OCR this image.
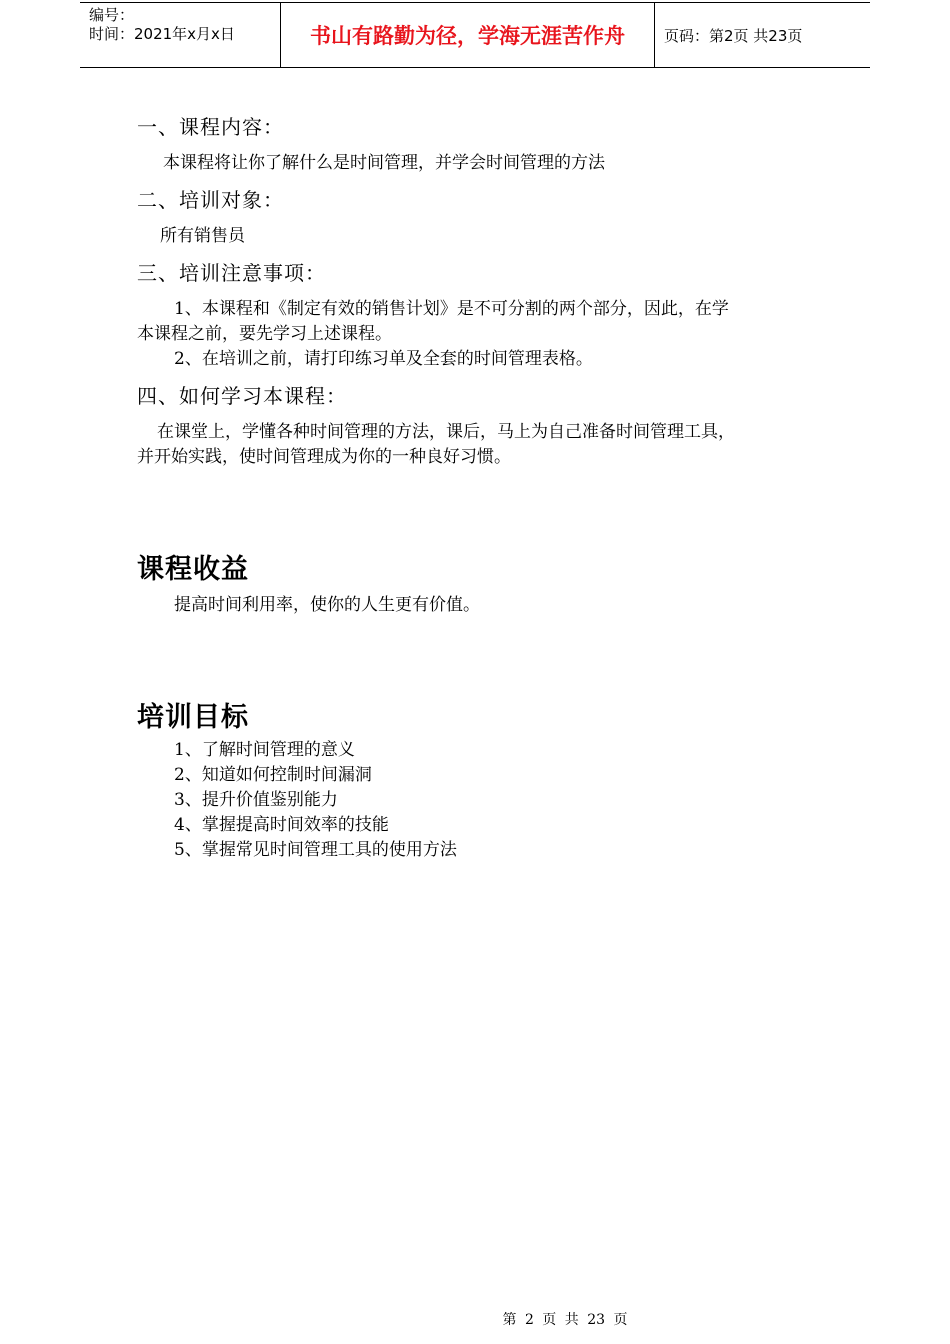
编号：
时间：2021年x月x日	书山有路勤为径，学海无涯苦作舟	页码：第2页 共23页

一、课程内容：

本课程将让你了解什么是时间管理，并学会时间管理的方法

二、培训对象：

所有销售员

三、培训注意事项：

1、本课程和《制定有效的销售计划》是不可分割的两个部分，因此，在学

本课程之前，要先学习上述课程。

2、在培训之前，请打印练习单及全套的时间管理表格。

四、如何学习本课程：

在课堂上，学懂各种时间管理的方法，课后，马上为自己准备时间管理工具，

并开始实践，使时间管理成为你的一种良好习惯。

课程收益

提高时间利用率，使你的人生更有价值。

培训目标

1、了解时间管理的意义

2、知道如何控制时间漏洞

3、提升价值鉴别能力

4、掌握提高时间效率的技能

5、掌握常见时间管理工具的使用方法

第 2 页 共 23 页
